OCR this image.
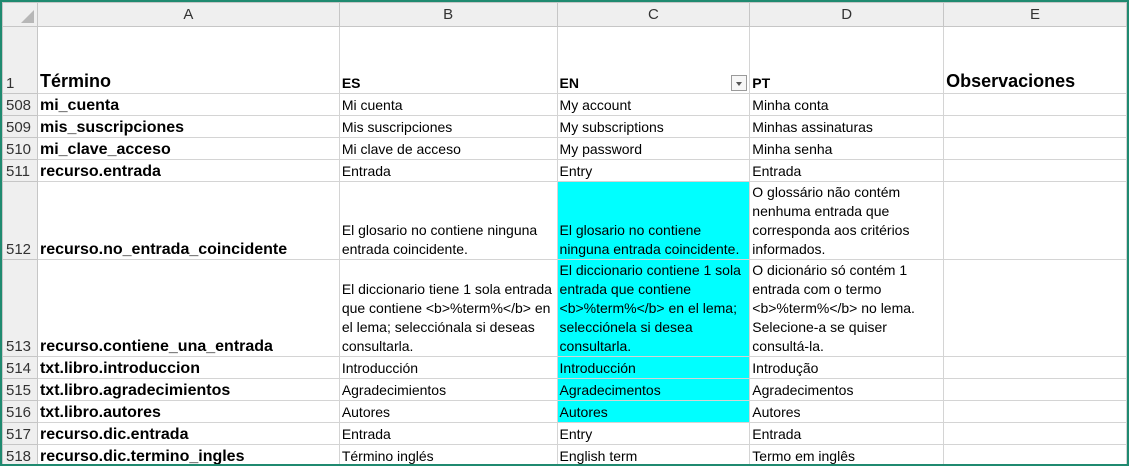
	A	B	C	D	E
1	Término	ES	EN	PT	Observaciones
508	mi_cuenta	Mi cuenta	My account	Minha conta	
509	mis_suscripciones	Mis suscripciones	My subscriptions	Minhas assinaturas	
510	mi_clave_acceso	Mi clave de acceso	My password	Minha senha	
511	recurso.entrada	Entrada	Entry	Entrada	
512	recurso.no_entrada_coincidente	El glosario no contiene ninguna entrada coincidente.	El glosario no contiene ninguna entrada coincidente.	O glossário não contém nenhuma entrada que corresponda aos critérios informados.	
513	recurso.contiene_una_entrada	El diccionario tiene 1 sola entrada que contiene <b>%term%</b> en el lema; selecciónala si deseas consultarla.	El diccionario contiene 1 sola entrada que contiene <b>%term%</b> en el lema; selecciónela si desea consultarla.	O dicionário só contém 1 entrada com o termo <b>%term%</b> no lema. Selecione-a se quiser consultá-la.	
514	txt.libro.introduccion	Introducción	Introducción	Introdução	
515	txt.libro.agradecimientos	Agradecimientos	Agradecimentos	Agradecimentos	
516	txt.libro.autores	Autores	Autores	Autores	
517	recurso.dic.entrada	Entrada	Entry	Entrada	
518	recurso.dic.termino_ingles	Término inglés	English term	Termo em inglês	
